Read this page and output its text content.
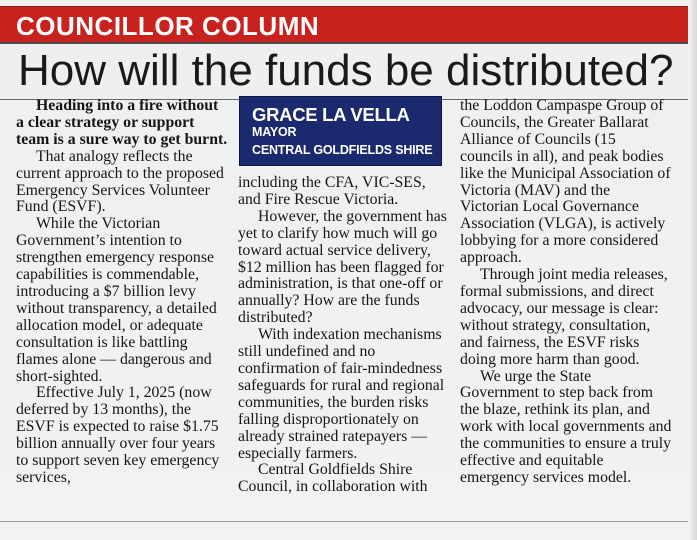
COUNCILLOR COLUMN
How will the funds be distributed?

Heading into a fire without a clear strategy or support team is a sure way to get burnt.

That analogy reflects the current approach to the proposed Emergency Services Volunteer Fund (ESVF).

While the Victorian Government’s intention to strengthen emergency response capabilities is commendable, introducing a $7 billion levy without transparency, a detailed allocation model, or adequate consultation is like battling flames alone — dangerous and short-sighted.

Effective July 1, 2025 (now deferred by 13 months), the ESVF is expected to raise $1.75 billion annually over four years to support seven key emergency services,

GRACE LA VELLA
MAYOR
CENTRAL GOLDFIELDS SHIRE

including the CFA, VIC-SES, and Fire Rescue Victoria.

However, the government has yet to clarify how much will go toward actual service delivery, $12 million has been flagged for administration, is that one-off or annually? How are the funds distributed?

With indexation mechanisms still undefined and no confirmation of fair-mindedness safeguards for rural and regional communities, the burden risks falling disproportionately on already strained ratepayers — especially farmers.

Central Goldfields Shire Council, in collaboration with

the Loddon Campaspe Group of Councils, the Greater Ballarat Alliance of Councils (15 councils in all), and peak bodies like the Municipal Association of Victoria (MAV) and the Victorian Local Governance Association (VLGA), is actively lobbying for a more considered approach.

Through joint media releases, formal submissions, and direct advocacy, our message is clear: without strategy, consultation, and fairness, the ESVF risks doing more harm than good.

We urge the State Government to step back from the blaze, rethink its plan, and work with local governments and the communities to ensure a truly effective and equitable emergency services model.
